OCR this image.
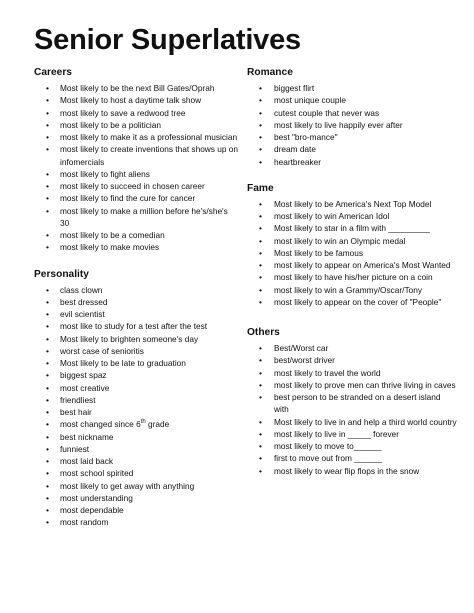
Senior Superlatives
Careers
• Most likely to be the next Bill Gates/Oprah
• Most likely to host a daytime talk show
• most likely to save a redwood tree
• most likely to be a politician
• most likely to make it as a professional musician
• most likely to create inventions that shows up on infomercials
• most likely to fight aliens
• most likely to succeed in chosen career
• most likely to find the cure for cancer
• most likely to make a million before he's/she's 30
• most likely to be a comedian
• most likely to make movies
Personality
• class clown
• best dressed
• evil scientist
• most like to study for a test after the test
• Most likely to brighten someone's day
• worst case of senioritis
• Most likely to be late to graduation
• biggest spaz
• most creative
• friendliest
• best hair
• most changed since 6th grade
• best nickname
• funniest
• most laid back
• most school spirited
• most likely to get away with anything
• most understanding
• most dependable
• most random
Romance
• biggest flirt
• most unique couple
• cutest couple that never was
• most likely to live happily ever after
• best "bro-mance"
• dream date
• heartbreaker
Fame
• Most likely to be America's Next Top Model
• most likely to win American Idol
• Most likely to star in a film with _________
• most likely to win an Olympic medal
• Most likely to be famous
• most likely to appear on America's Most Wanted
• most likely to have his/her picture on a coin
• most likely to win a Grammy/Oscar/Tony
• most likely to appear on the cover of "People"
Others
• Best/Worst car
• best/worst driver
• most likely to travel the world
• most likely to prove men can thrive living in caves
• best person to be stranded on a desert island with
• Most likely to live in and help a third world country
• most likely to live in _____ forever
• most likely to move to______
• first to move out from ______
• most likely to wear flip flops in the snow
